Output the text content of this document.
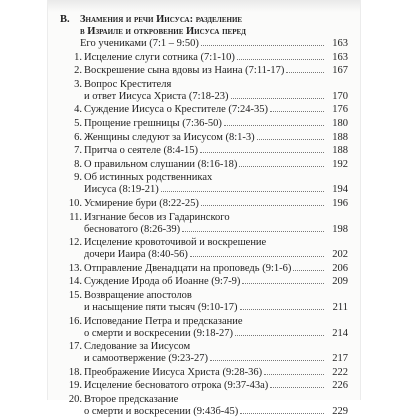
B. Знамения и речи Иисуса: разделение
в Израиле и откровение Иисуса перед
Его учениками (7:1 – 9:50)	163
1. Исцеление слуги сотника (7:1-10)	163
2. Воскрешение сына вдовы из Наина (7:11-17)	167
3. Вопрос Крестителя
и ответ Иисуса Христа (7:18-23)	170
4. Суждение Иисуса о Крестителе (7:24-35)	176
5. Прощение грешницы (7:36-50)	180
6. Женщины следуют за Иисусом (8:1-3)	188
7. Притча о сеятеле (8:4-15)	188
8. О правильном слушании (8:16-18)	192
9. Об истинных родственниках
Иисуса (8:19-21)	194
10. Усмирение бури (8:22-25)	196
11. Изгнание бесов из Гадаринского
бесноватого (8:26-39)	198
12. Исцеление кровоточивой и воскрешение
дочери Иаира (8:40-56)	202
13. Отправление Двенадцати на проповедь (9:1-6)	206
14. Суждение Ирода об Иоанне (9:7-9)	209
15. Возвращение апостолов
и насыщение пяти тысяч (9:10-17)	211
16. Исповедание Петра и предсказание
о смерти и воскресении (9:18-27)	214
17. Следование за Иисусом
и самоотвержение (9:23-27)	217
18. Преображение Иисуса Христа (9:28-36)	222
19. Исцеление бесноватого отрока (9:37-43а)	226
20. Второе предсказание
о смерти и воскресении (9:43б-45)	229
